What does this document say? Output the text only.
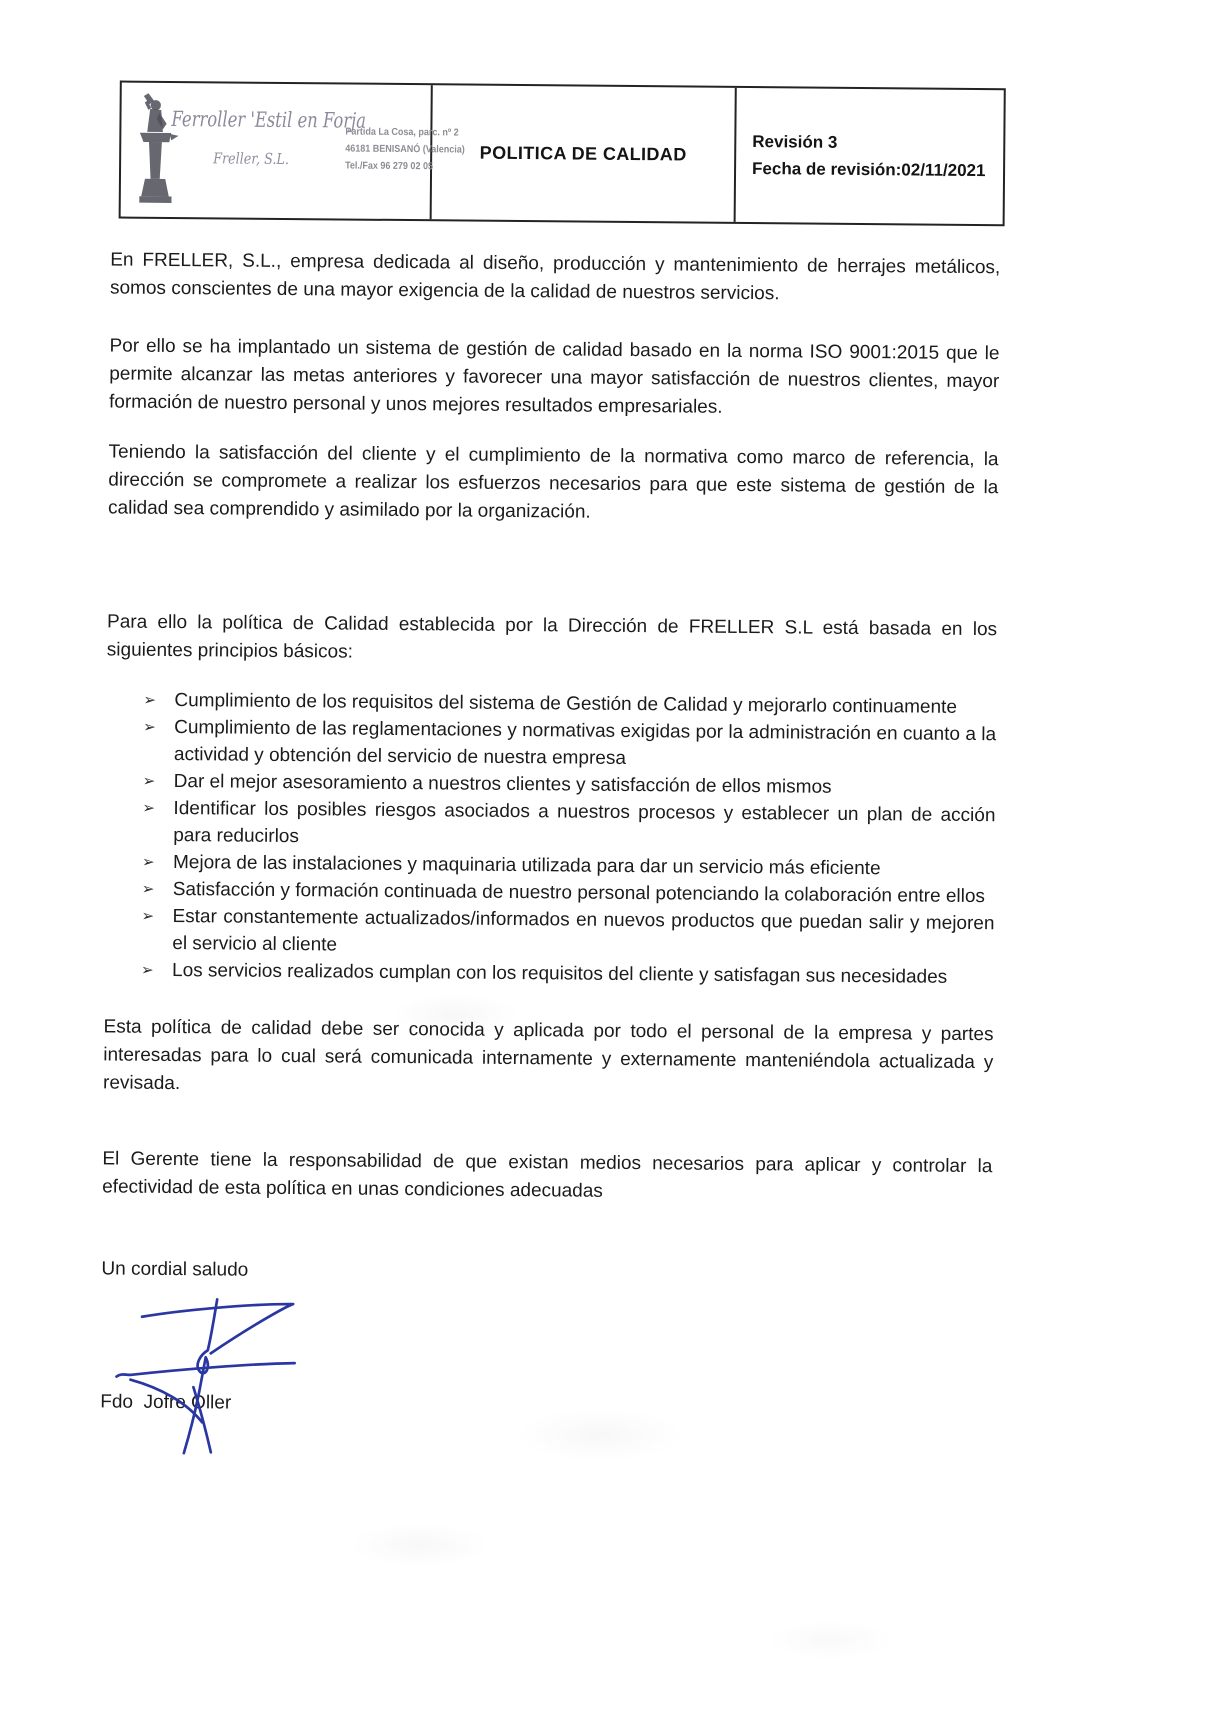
Ferroller 'Estil en Forja
Freller, S.L.
Partida La Cosa, parc. nº 2
46181 BENISANÓ (Valencia)
Tel./Fax 96 279 02 05
POLITICA DE CALIDAD
Revisión 3
Fecha de revisión:02/11/2021

En FRELLER, S.L., empresa dedicada al diseño, producción y mantenimiento de herrajes metálicos, somos conscientes de una mayor exigencia de la calidad de nuestros servicios.

Por ello se ha implantado un sistema de gestión de calidad basado en la norma ISO 9001:2015 que le permite alcanzar las metas anteriores y favorecer una mayor satisfacción de nuestros clientes, mayor formación de nuestro personal y unos mejores resultados empresariales.

Teniendo la satisfacción del cliente y el cumplimiento de la normativa como marco de referencia, la dirección se compromete a realizar los esfuerzos necesarios para que este sistema de gestión de la calidad sea comprendido y asimilado por la organización.

Para ello la política de Calidad establecida por la Dirección de FRELLER S.L está basada en los siguientes principios básicos:

➢ Cumplimiento de los requisitos del sistema de Gestión de Calidad y mejorarlo continuamente
➢ Cumplimiento de las reglamentaciones y normativas exigidas por la administración en cuanto a la actividad y obtención del servicio de nuestra empresa
➢ Dar el mejor asesoramiento a nuestros clientes y satisfacción de ellos mismos
➢ Identificar los posibles riesgos asociados a nuestros procesos y establecer un plan de acción para reducirlos
➢ Mejora de las instalaciones y maquinaria utilizada para dar un servicio más eficiente
➢ Satisfacción y formación continuada de nuestro personal potenciando la colaboración entre ellos
➢ Estar constantemente actualizados/informados en nuevos productos que puedan salir y mejoren el servicio al cliente
➢ Los servicios realizados cumplan con los requisitos del cliente y satisfagan sus necesidades

Esta política de calidad debe ser conocida y aplicada por todo el personal de la empresa y partes interesadas para lo cual será comunicada internamente y externamente manteniéndola actualizada y revisada.

El Gerente tiene la responsabilidad de que existan medios necesarios para aplicar y controlar la efectividad de esta política en unas condiciones adecuadas

Un cordial saludo

Fdo  Jofre Oller
